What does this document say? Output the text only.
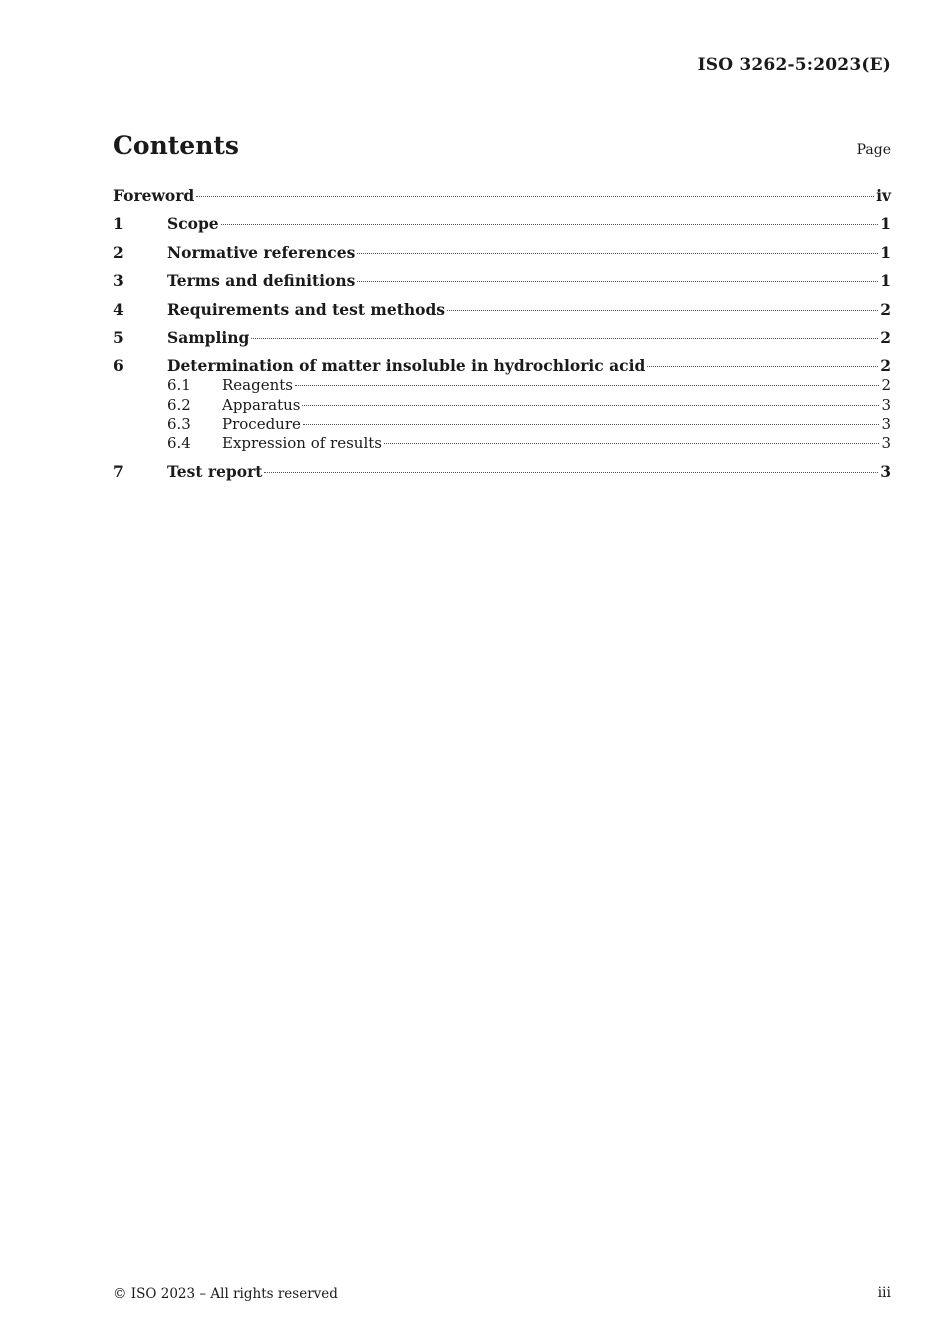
ISO 3262-5:2023(E)
Contents	Page
Foreword	iv
1	Scope	1
2	Normative references	1
3	Terms and definitions	1
4	Requirements and test methods	2
5	Sampling	2
6	Determination of matter insoluble in hydrochloric acid	2
6.1	Reagents	2
6.2	Apparatus	3
6.3	Procedure	3
6.4	Expression of results	3
7	Test report	3
© ISO 2023 – All rights reserved	iii
